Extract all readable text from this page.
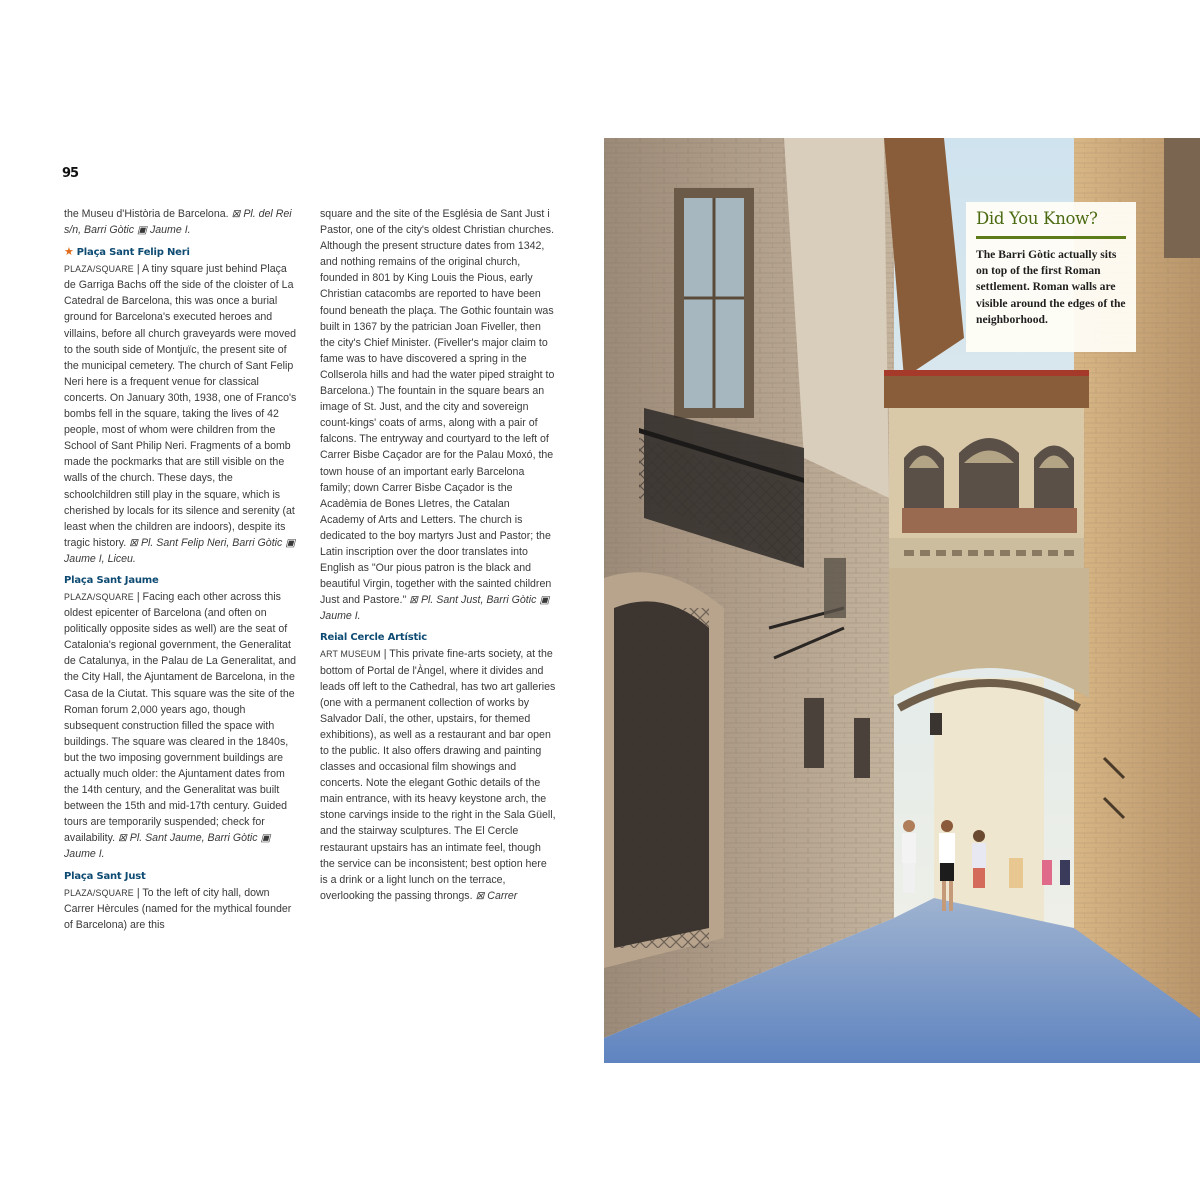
95

the Museu d'Història de Barcelona. ⊠ Pl. del Rei s/n, Barri Gòtic ▣ Jaume I.

★ Plaça Sant Felip Neri

PLAZA/SQUARE | A tiny square just behind Plaça de Garriga Bachs off the side of the cloister of La Catedral de Barcelona, this was once a burial ground for Barcelona's executed heroes and villains, before all church graveyards were moved to the south side of Montjuïc, the present site of the municipal cemetery. The church of Sant Felip Neri here is a frequent venue for classical concerts. On January 30th, 1938, one of Franco's bombs fell in the square, taking the lives of 42 people, most of whom were children from the School of Sant Philip Neri. Fragments of a bomb made the pockmarks that are still visible on the walls of the church. These days, the schoolchildren still play in the square, which is cherished by locals for its silence and serenity (at least when the children are indoors), despite its tragic history. ⊠ Pl. Sant Felip Neri, Barri Gòtic ▣ Jaume I, Liceu.

Plaça Sant Jaume

PLAZA/SQUARE | Facing each other across this oldest epicenter of Barcelona (and often on politically opposite sides as well) are the seat of Catalonia's regional government, the Generalitat de Catalunya, in the Palau de La Generalitat, and the City Hall, the Ajuntament de Barcelona, in the Casa de la Ciutat. This square was the site of the Roman forum 2,000 years ago, though subsequent construction filled the space with buildings. The square was cleared in the 1840s, but the two imposing government buildings are actually much older: the Ajuntament dates from the 14th century, and the Generalitat was built between the 15th and mid-17th century. Guided tours are temporarily suspended; check for availability. ⊠ Pl. Sant Jaume, Barri Gòtic ▣ Jaume I.

Plaça Sant Just

PLAZA/SQUARE | To the left of city hall, down Carrer Hèrcules (named for the mythical founder of Barcelona) are this

square and the site of the Església de Sant Just i Pastor, one of the city's oldest Christian churches. Although the present structure dates from 1342, and nothing remains of the original church, founded in 801 by King Louis the Pious, early Christian catacombs are reported to have been found beneath the plaça. The Gothic fountain was built in 1367 by the patrician Joan Fiveller, then the city's Chief Minister. (Fiveller's major claim to fame was to have discovered a spring in the Collserola hills and had the water piped straight to Barcelona.) The fountain in the square bears an image of St. Just, and the city and sovereign count-kings' coats of arms, along with a pair of falcons. The entryway and courtyard to the left of Carrer Bisbe Caçador are for the Palau Moxó, the town house of an important early Barcelona family; down Carrer Bisbe Caçador is the Acadèmia de Bones Lletres, the Catalan Academy of Arts and Letters. The church is dedicated to the boy martyrs Just and Pastor; the Latin inscription over the door translates into English as "Our pious patron is the black and beautiful Virgin, together with the sainted children Just and Pastore." ⊠ Pl. Sant Just, Barri Gòtic ▣ Jaume I.

Reial Cercle Artístic

ART MUSEUM | This private fine-arts society, at the bottom of Portal de l'Àngel, where it divides and leads off left to the Cathedral, has two art galleries (one with a permanent collection of works by Salvador Dalí, the other, upstairs, for themed exhibitions), as well as a restaurant and bar open to the public. It also offers drawing and painting classes and occasional film showings and concerts. Note the elegant Gothic details of the main entrance, with its heavy keystone arch, the stone carvings inside to the right in the Sala Güell, and the stairway sculptures. The El Cercle restaurant upstairs has an intimate feel, though the service can be inconsistent; best option here is a drink or a light lunch on the terrace, overlooking the passing throngs. ⊠ Carrer

Did You Know?
The Barri Gòtic actually sits on top of the first Roman settlement. Roman walls are visible around the edges of the neighborhood.
